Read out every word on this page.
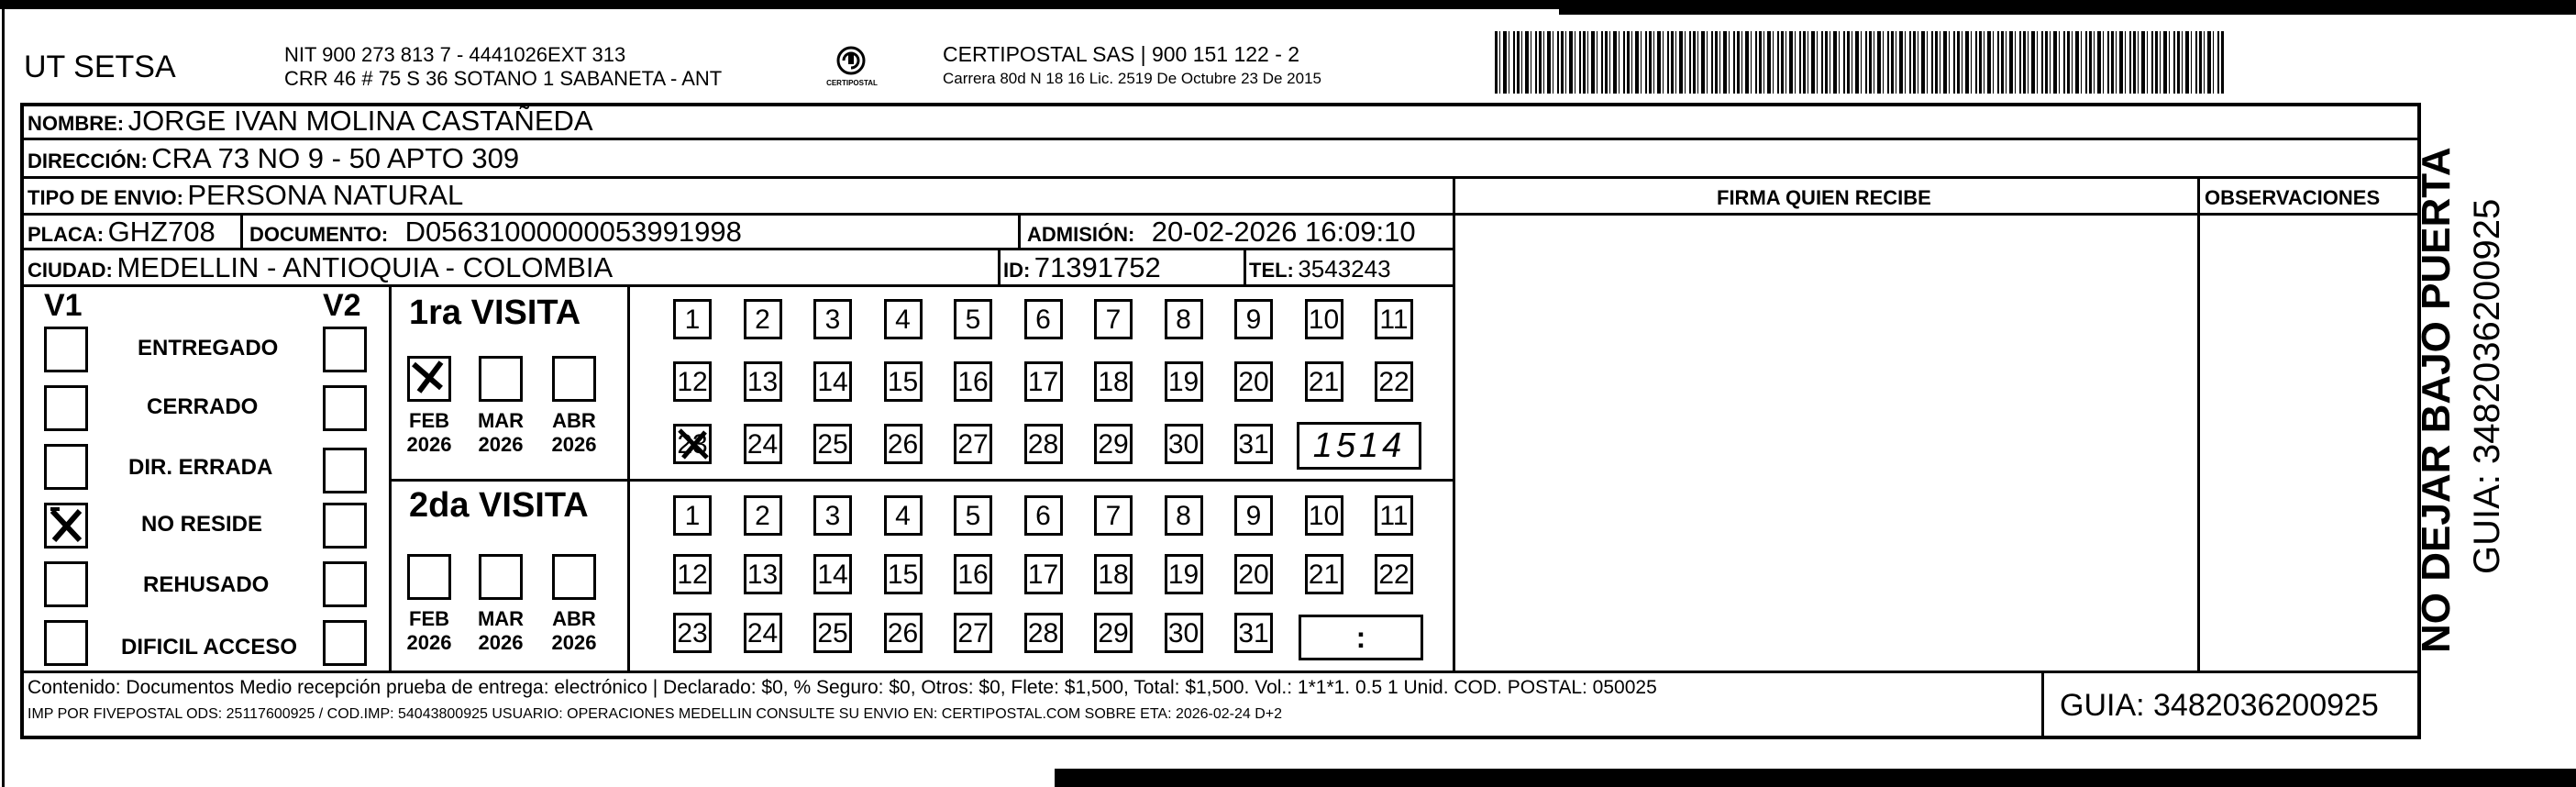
UT SETSA	NIT 900 273 813 7 - 4441026EXT 313
CRR 46 # 75 S 36 SOTANO 1 SABANETA - ANT	CERTIPOSTAL
CERTIPOSTAL SAS | 900 151 122 - 2
Carrera 80d N 18 16 Lic. 2519 De Octubre 23 De 2015
NOMBRE: JORGE IVAN MOLINA CASTAÑEDA
DIRECCIÓN: CRA 73 NO 9 - 50 APTO 309
TIPO DE ENVIO: PERSONA NATURAL
PLACA: GHZ708 DOCUMENTO: D05631000000053991998	ADMISIÓN: 20-02-2026 16:09:10
CIUDAD: MEDELLIN - ANTIOQUIA - COLOMBIA	ID: 71391752	TEL: 3543243
FIRMA QUIEN RECIBE	OBSERVACIONES
V1	V2
ENTREGADO
CERRADO
DIR. ERRADA
NO RESIDE
REHUSADO
DIFICIL ACCESO
1ra VISITA
FEB
2026
MAR
2026
ABR
2026
1	2	3	4	5	6	7	8	9	10 11
12 13 14 15 16 17 18 19 20 21 22
23 24 25 26 27 28 29 30 31	1514
2da VISITA
FEB
2026
MAR
2026
ABR
2026
1	2	3	4	5	6	7	8	9	10 11
12 13 14 15 16 17 18 19 20 21 22
23 24 25 26 27 28 29 30 31	:
Contenido: Documentos Medio recepción prueba de entrega: electrónico | Declarado: $0, % Seguro: $0, Otros: $0, Flete: $1,500, Total: $1,500. Vol.: 1*1*1. 0.5 1 Unid. COD. POSTAL: 050025
IMP POR FIVEPOSTAL ODS: 25117600925 / COD.IMP: 54043800925 USUARIO: OPERACIONES MEDELLIN CONSULTE SU ENVIO EN: CERTIPOSTAL.COM SOBRE ETA: 2026-02-24 D+2	GUIA: 3482036200925
NO DEJAR BAJO PUERTA GUIA: 3482036200925
